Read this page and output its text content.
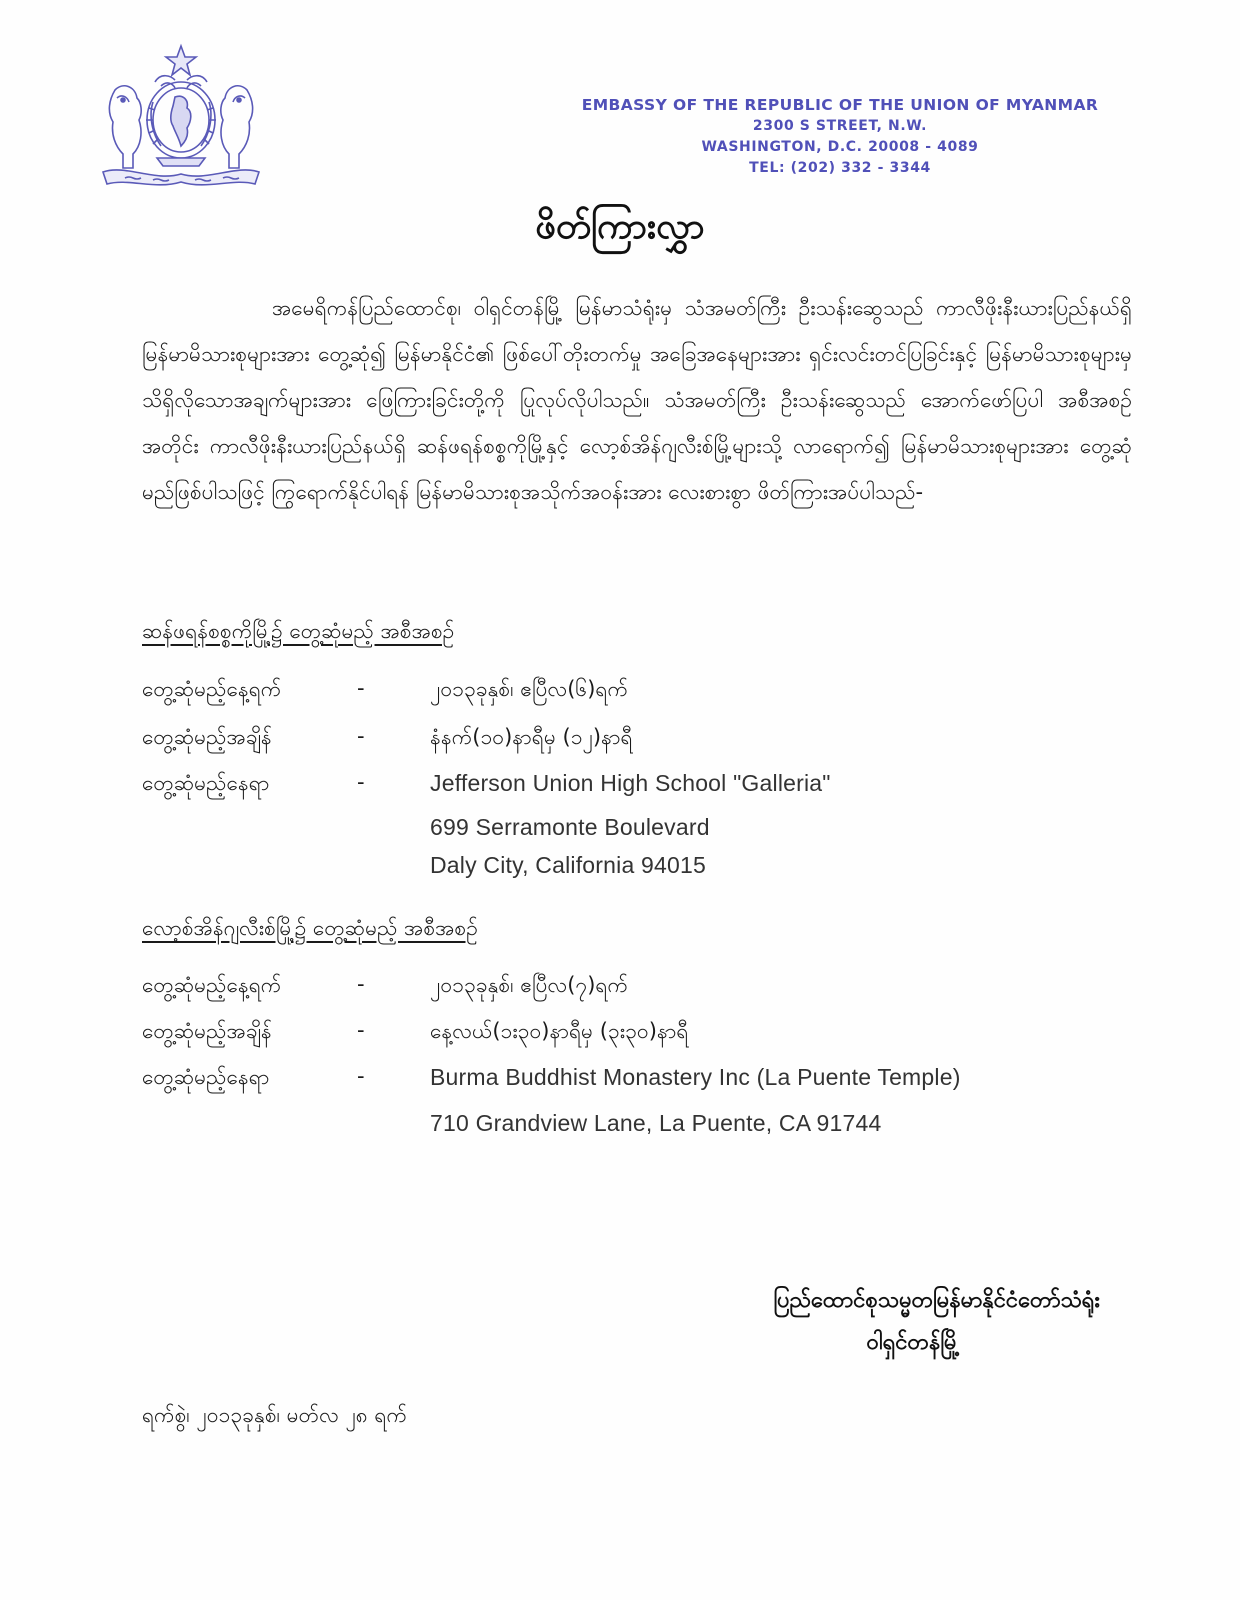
EMBASSY OF THE REPUBLIC OF THE UNION OF MYANMAR
2300 S STREET, N.W.
WASHINGTON, D.C. 20008 - 4089
TEL: (202) 332 - 3344
ဖိတ်ကြားလွှာ
အမေရိကန်ပြည်ထောင်စု၊ ဝါရှင်တန်မြို့ မြန်မာသံရုံးမှ သံအမတ်ကြီး ဦးသန်းဆွေသည် ကာလီဖိုးနီးယားပြည်နယ်ရှိ မြန်မာမိသားစုများအား တွေ့ဆုံ၍ မြန်မာနိုင်ငံ၏ ဖြစ်ပေါ်တိုးတက်မှု အခြေအနေများအား ရှင်းလင်းတင်ပြခြင်းနှင့် မြန်မာမိသားစုများမှ သိရှိလိုသောအချက်များအား ဖြေကြားခြင်းတို့ကို ပြုလုပ်လိုပါသည်။ သံအမတ်ကြီး ဦးသန်းဆွေသည် အောက်ဖော်ပြပါ အစီအစဉ်အတိုင်း ကာလီဖိုးနီးယားပြည်နယ်ရှိ ဆန်ဖရန်စစ္စကိုမြို့နှင့် လော့စ်အိန်ဂျလီးစ်မြို့များသို့ လာရောက်၍ မြန်မာမိသားစုများအား တွေ့ဆုံမည်ဖြစ်ပါသဖြင့် ကြွရောက်နိုင်ပါရန် မြန်မာမိသားစုအသိုက်အဝန်းအား လေးစားစွာ ဖိတ်ကြားအပ်ပါသည်-
ဆန်ဖရန်စစ္စကိုမြို့၌ တွေ့ဆုံမည့် အစီအစဉ်
တွေ့ဆုံမည့်နေ့ရက်	-	၂၀၁၃ခုနှစ်၊ ဧပြီလ(၆)ရက်
တွေ့ဆုံမည့်အချိန်	-	နံနက်(၁၀)နာရီမှ (၁၂)နာရီ
တွေ့ဆုံမည့်နေရာ	-	Jefferson Union High School "Galleria"
699 Serramonte Boulevard
Daly City, California 94015
လော့စ်အိန်ဂျလီးစ်မြို့၌ တွေ့ဆုံမည့် အစီအစဉ်
တွေ့ဆုံမည့်နေ့ရက်	-	၂၀၁၃ခုနှစ်၊ ဧပြီလ(၇)ရက်
တွေ့ဆုံမည့်အချိန်	-	နေ့လယ်(၁း၃၀)နာရီမှ (၃း၃၀)နာရီ
တွေ့ဆုံမည့်နေရာ	-	Burma Buddhist Monastery Inc (La Puente Temple)
710 Grandview Lane, La Puente, CA 91744
ပြည်ထောင်စုသမ္မတမြန်မာနိုင်ငံတော်သံရုံး
ဝါရှင်တန်မြို့
ရက်စွဲ၊ ၂၀၁၃ခုနှစ်၊ မတ်လ ၂၈ ရက်
